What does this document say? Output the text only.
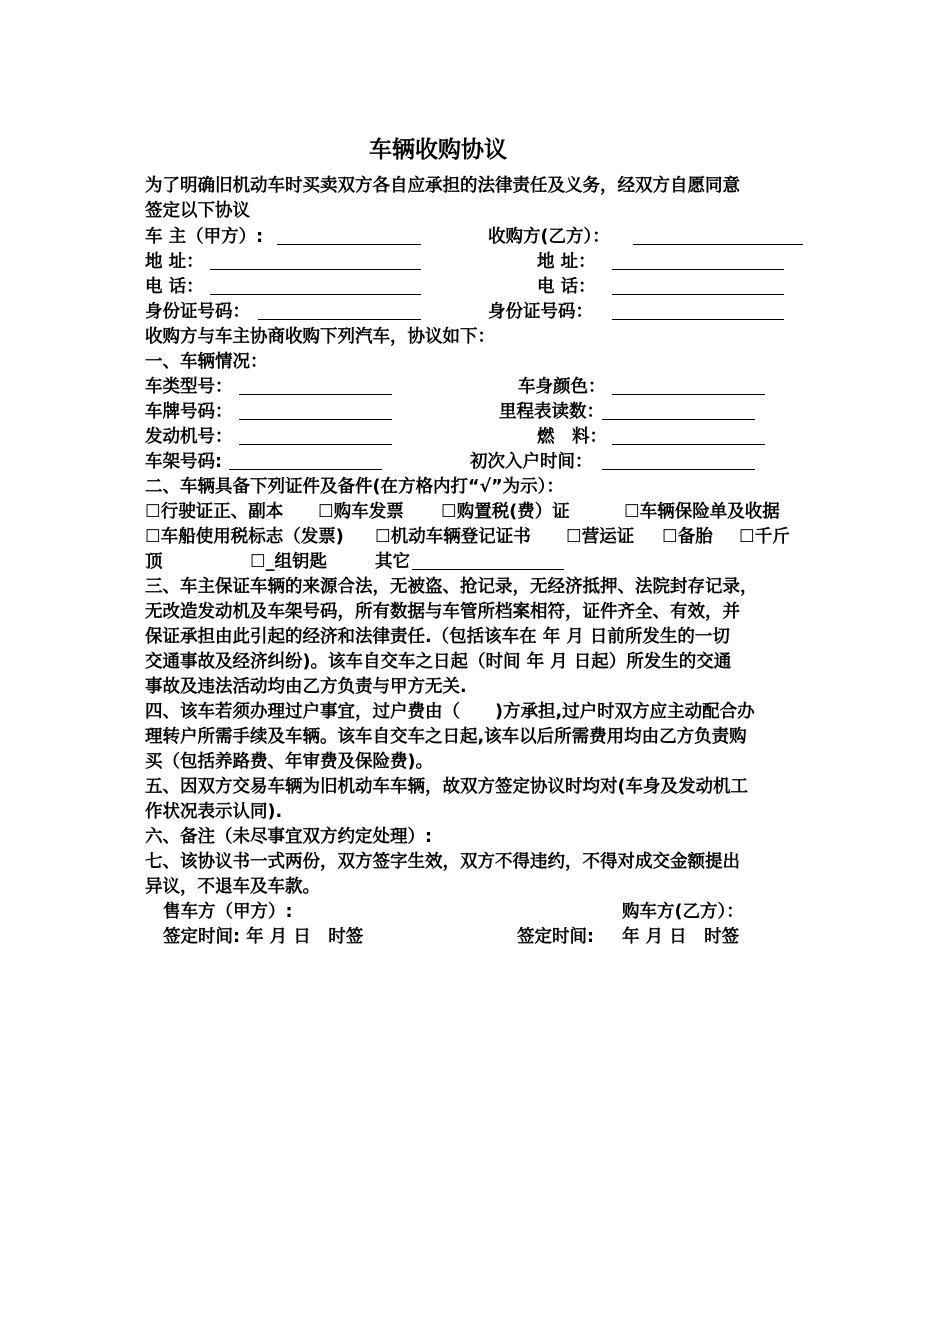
车辆收购协议
为了明确旧机动车时买卖双方各自应承担的法律责任及义务，经双方自愿同意
签定以下协议
车 主（甲方）:	收购方(乙方）：
地 址：	地 址：
电 话：	电 话：
身份证号码：	身份证号码：
收购方与车主协商收购下列汽车，协议如下：
一、车辆情况：
车类型号：	车身颜色：
车牌号码：	里程表读数：
发动机号：	燃　料：
车架号码:	初次入户时间：
二、车辆具备下列证件及备件(在方格内打“√”为示）：
☐行驶证正、副本 ☐购车发票 ☐购置税(费）证	☐车辆保险单及收据
☐车船使用税标志（发票) ☐机动车辆登记证书 ☐营运证 ☐备胎 ☐千斤
顶	☐_组钥匙	其它
三、车主保证车辆的来源合法，无被盗、抢记录，无经济抵押、法院封存记录，
无改造发动机及车架号码，所有数据与车管所档案相符，证件齐全、有效，并
保证承担由此引起的经济和法律责任.（包括该车在 年 月 日前所发生的一切
交通事故及经济纠纷)。该车自交车之日起（时间 年 月 日起）所发生的交通
事故及违法活动均由乙方负责与甲方无关.
四、该车若须办理过户事宜，过户费由（　　)方承担,过户时双方应主动配合办
理转户所需手续及车辆。该车自交车之日起,该车以后所需费用均由乙方负责购
买（包括养路费、年审费及保险费)。
五、因双方交易车辆为旧机动车车辆，故双方签定协议时均对(车身及发动机工
作状况表示认同).
六、备注（未尽事宜双方约定处理）:
七、该协议书一式两份，双方签字生效，双方不得违约，不得对成交金额提出
异议，不退车及车款。
售车方（甲方）:	购车方(乙方）：
签定时间: 年 月 日　时签	签定时间: 年 月 日　时签
